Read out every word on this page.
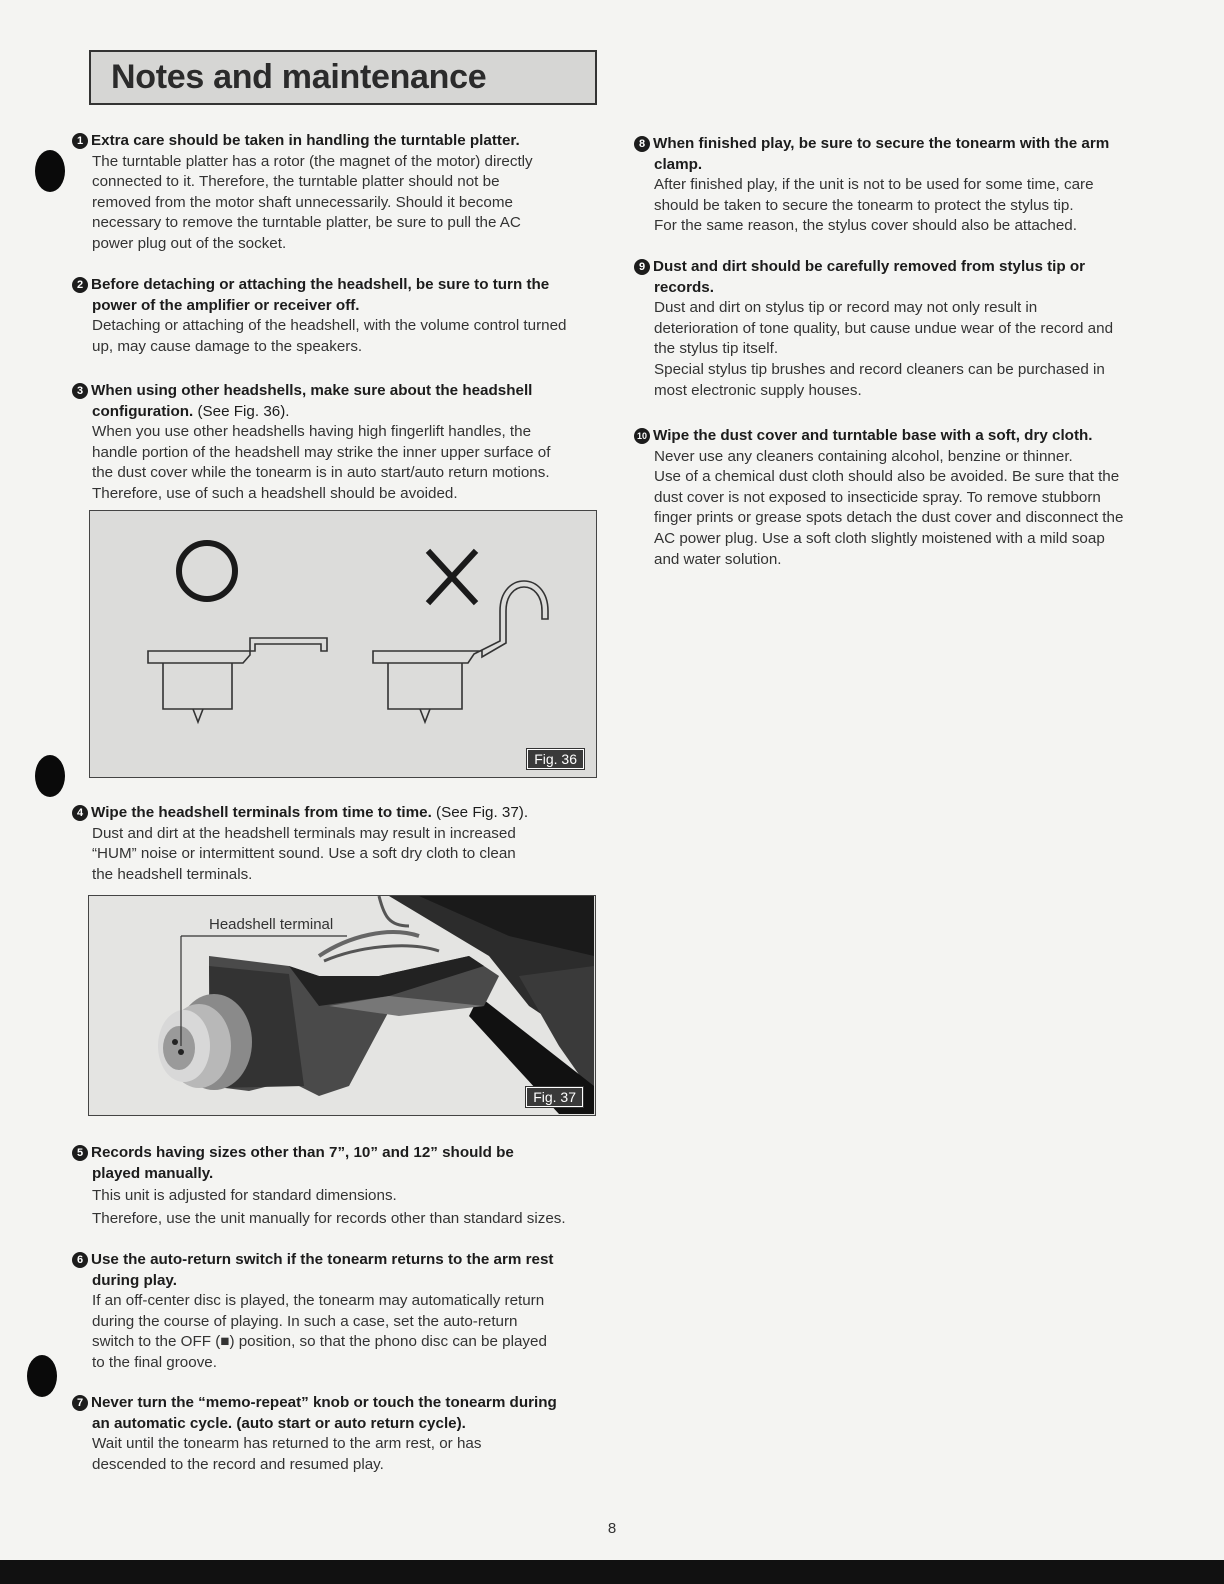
Notes and maintenance
1 Extra care should be taken in handling the turntable platter.
The turntable platter has a rotor (the magnet of the motor) directly
connected to it. Therefore, the turntable platter should not be
removed from the motor shaft unnecessarily. Should it become
necessary to remove the turntable platter, be sure to pull the AC
power plug out of the socket.
2 Before detaching or attaching the headshell, be sure to turn the
power of the amplifier or receiver off.
Detaching or attaching of the headshell, with the volume control turned
up, may cause damage to the speakers.
3 When using other headshells, make sure about the headshell
configuration. (See Fig. 36).
When you use other headshells having high fingerlift handles, the
handle portion of the headshell may strike the inner upper surface of
the dust cover while the tonearm is in auto start/auto return motions.
Therefore, use of such a headshell should be avoided.
Fig. 36
4 Wipe the headshell terminals from time to time. (See Fig. 37).
Dust and dirt at the headshell terminals may result in increased
“HUM” noise or intermittent sound. Use a soft dry cloth to clean
the headshell terminals.
Headshell terminal
Fig. 37
5 Records having sizes other than 7”, 10” and 12” should be
played manually.
This unit is adjusted for standard dimensions.
Therefore, use the unit manually for records other than standard sizes.
6 Use the auto-return switch if the tonearm returns to the arm rest
during play.
If an off-center disc is played, the tonearm may automatically return
during the course of playing. In such a case, set the auto-return
switch to the OFF (■) position, so that the phono disc can be played
to the final groove.
7 Never turn the “memo-repeat” knob or touch the tonearm during
an automatic cycle. (auto start or auto return cycle).
Wait until the tonearm has returned to the arm rest, or has
descended to the record and resumed play.
8 When finished play, be sure to secure the tonearm with the arm
clamp.
After finished play, if the unit is not to be used for some time, care
should be taken to secure the tonearm to protect the stylus tip.
For the same reason, the stylus cover should also be attached.
9 Dust and dirt should be carefully removed from stylus tip or
records.
Dust and dirt on stylus tip or record may not only result in
deterioration of tone quality, but cause undue wear of the record and
the stylus tip itself.
Special stylus tip brushes and record cleaners can be purchased in
most electronic supply houses.
10 Wipe the dust cover and turntable base with a soft, dry cloth.
Never use any cleaners containing alcohol, benzine or thinner.
Use of a chemical dust cloth should also be avoided. Be sure that the
dust cover is not exposed to insecticide spray. To remove stubborn
finger prints or grease spots detach the dust cover and disconnect the
AC power plug. Use a soft cloth slightly moistened with a mild soap
and water solution.
8
